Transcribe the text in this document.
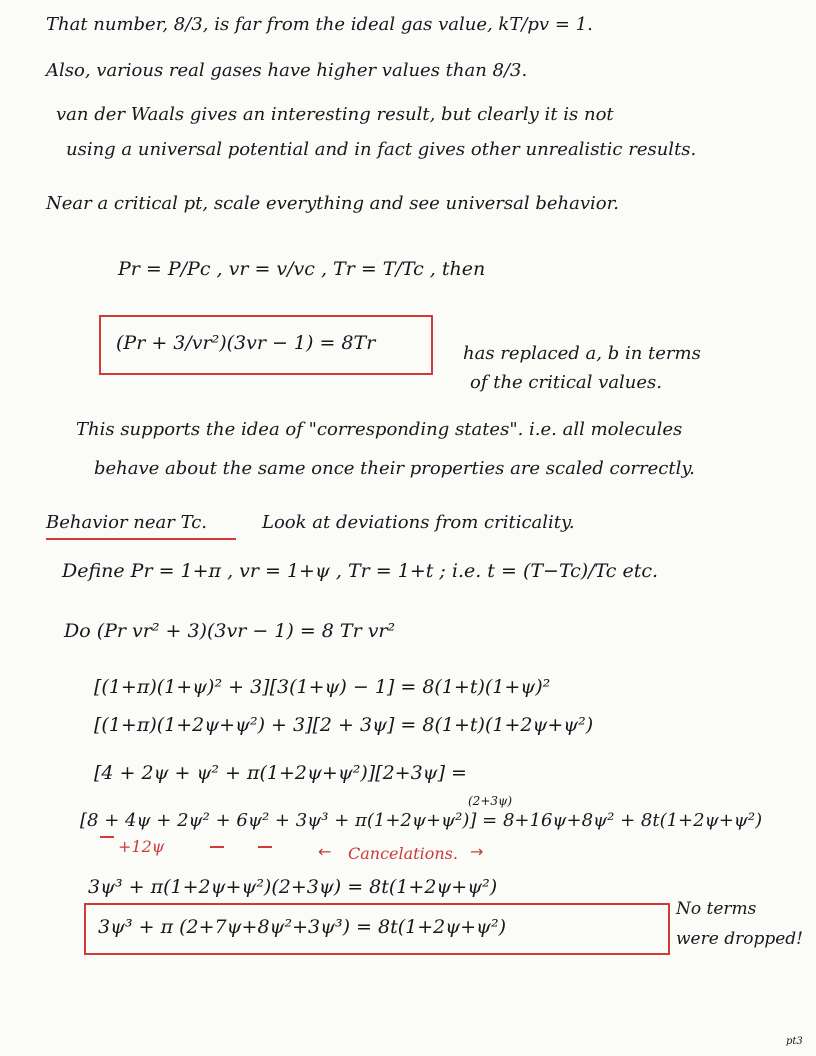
That number, 8/3, is far from the ideal gas value, kT/pv = 1.
Also, various real gases have higher values than 8/3.
van der Waals gives an interesting result, but clearly it is not
using a universal potential and in fact gives other unrealistic results.
Near a critical pt, scale everything and see universal behavior.
Pr = P/Pc , vr = v/vc , Tr = T/Tc , then
(Pr + 3/vr²)(3vr − 1) = 8Tr	has replaced a, b in terms
of the critical values.
This supports the idea of "corresponding states". i.e. all molecules
behave about the same once their properties are scaled correctly.
Behavior near Tc.	Look at deviations from criticality.
Define Pr = 1+π , vr = 1+ψ , Tr = 1+t ; i.e. t = (T−Tc)/Tc etc.
Do (Pr vr² + 3)(3vr − 1) = 8 Tr vr²
[(1+π)(1+ψ)² + 3][3(1+ψ) − 1] = 8(1+t)(1+ψ)²
[(1+π)(1+2ψ+ψ²) + 3][2 + 3ψ] = 8(1+t)(1+2ψ+ψ²)
[4 + 2ψ + ψ² + π(1+2ψ+ψ²)][2+3ψ] =
(2+3ψ)
[8 + 4ψ + 2ψ² + 6ψ² + 3ψ³ + π(1+2ψ+ψ²)] = 8+16ψ+8ψ² + 8t(1+2ψ+ψ²)
+12ψ	← Cancelations. →
3ψ³ + π(1+2ψ+ψ²)(2+3ψ) = 8t(1+2ψ+ψ²)
3ψ³ + π (2+7ψ+8ψ²+3ψ³) = 8t(1+2ψ+ψ²)
No terms
were dropped!
pt3
